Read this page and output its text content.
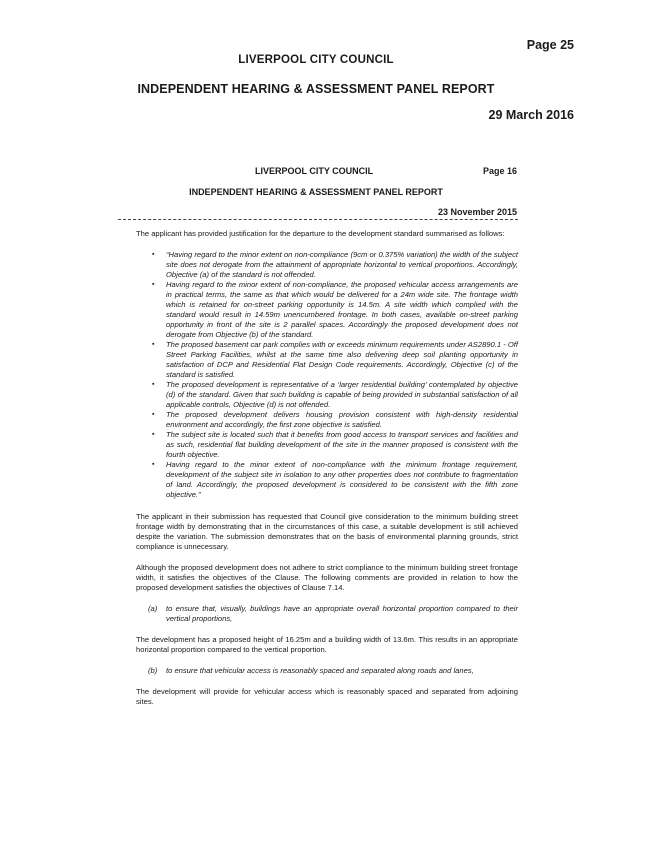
Page 25
LIVERPOOL CITY COUNCIL
INDEPENDENT HEARING & ASSESSMENT PANEL REPORT
29 March 2016
LIVERPOOL CITY COUNCIL	Page 16
INDEPENDENT HEARING & ASSESSMENT PANEL REPORT
23 November 2015

The applicant has provided justification for the departure to the development standard summarised as follows:

▪ “Having regard to the minor extent on non-compliance (9cm or 0.375% variation) the width of the subject site does not derogate from the attainment of appropriate horizontal to vertical proportions. Accordingly, Objective (a) of the standard is not offended.
▪ Having regard to the minor extent of non-compliance, the proposed vehicular access arrangements are in practical terms, the same as that which would be delivered for a 24m wide site. The frontage width which is retained for on-street parking opportunity is 14.5m. A site width which complied with the standard would result in 14.59m unencumbered frontage. In both cases, available on-street parking opportunity in front of the site is 2 parallel spaces. Accordingly the proposed development does not derogate from Objective (b) of the standard.
▪ The proposed basement car park complies with or exceeds minimum requirements under AS2890.1 - Off Street Parking Facilities, whilst at the same time also delivering deep soil planting opportunity in satisfaction of DCP and Residential Flat Design Code requirements. Accordingly, Objective (c) of the standard is satisfied.
▪ The proposed development is representative of a ‘larger residential building’ contemplated by objective (d) of the standard. Given that such building is capable of being provided in substantial satisfaction of all applicable controls, Objective (d) is not offended.
▪ The proposed development delivers housing provision consistent with high-density residential environment and accordingly, the first zone objective is satisfied.
▪ The subject site is located such that it benefits from good access to transport services and facilities and as such, residential flat building development of the site in the manner proposed is consistent with the fourth objective.
▪ Having regard to the minor extent of non-compliance with the minimum frontage requirement, development of the subject site in isolation to any other properties does not contribute to fragmentation of land. Accordingly, the proposed development is considered to be consistent with the fifth zone objective.”

The applicant in their submission has requested that Council give consideration to the minimum building street frontage width by demonstrating that in the circumstances of this case, a suitable development is still achieved despite the variation. The submission demonstrates that on the basis of environmental planning grounds, strict compliance is unnecessary.

Although the proposed development does not adhere to strict compliance to the minimum building street frontage width, it satisfies the objectives of the Clause. The following comments are provided in relation to how the proposed development satisfies the objectives of Clause 7.14.

(a)	to ensure that, visually, buildings have an appropriate overall horizontal proportion compared to their vertical proportions,

The development has a proposed height of 16.25m and a building width of 13.6m. This results in an appropriate horizontal proportion compared to the vertical proportion.

(b)	to ensure that vehicular access is reasonably spaced and separated along roads and lanes,

The development will provide for vehicular access which is reasonably spaced and separated from adjoining sites.
